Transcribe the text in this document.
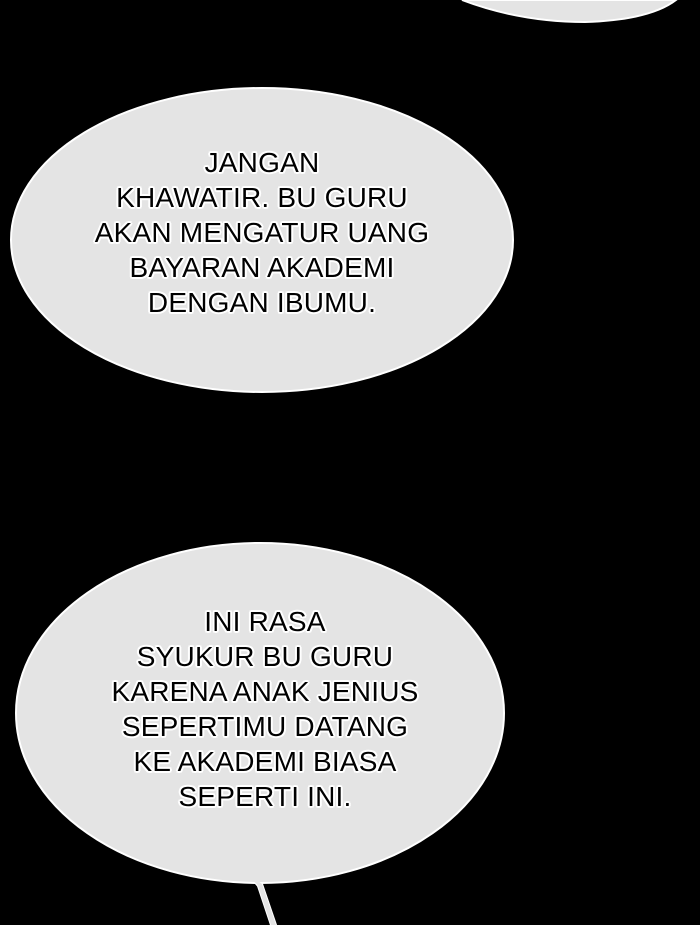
JANGAN
KHAWATIR. BU GURU
AKAN MENGATUR UANG
BAYARAN AKADEMI
DENGAN IBUMU.
INI RASA
SYUKUR BU GURU
KARENA ANAK JENIUS
SEPERTIMU DATANG
KE AKADEMI BIASA
SEPERTI INI.
